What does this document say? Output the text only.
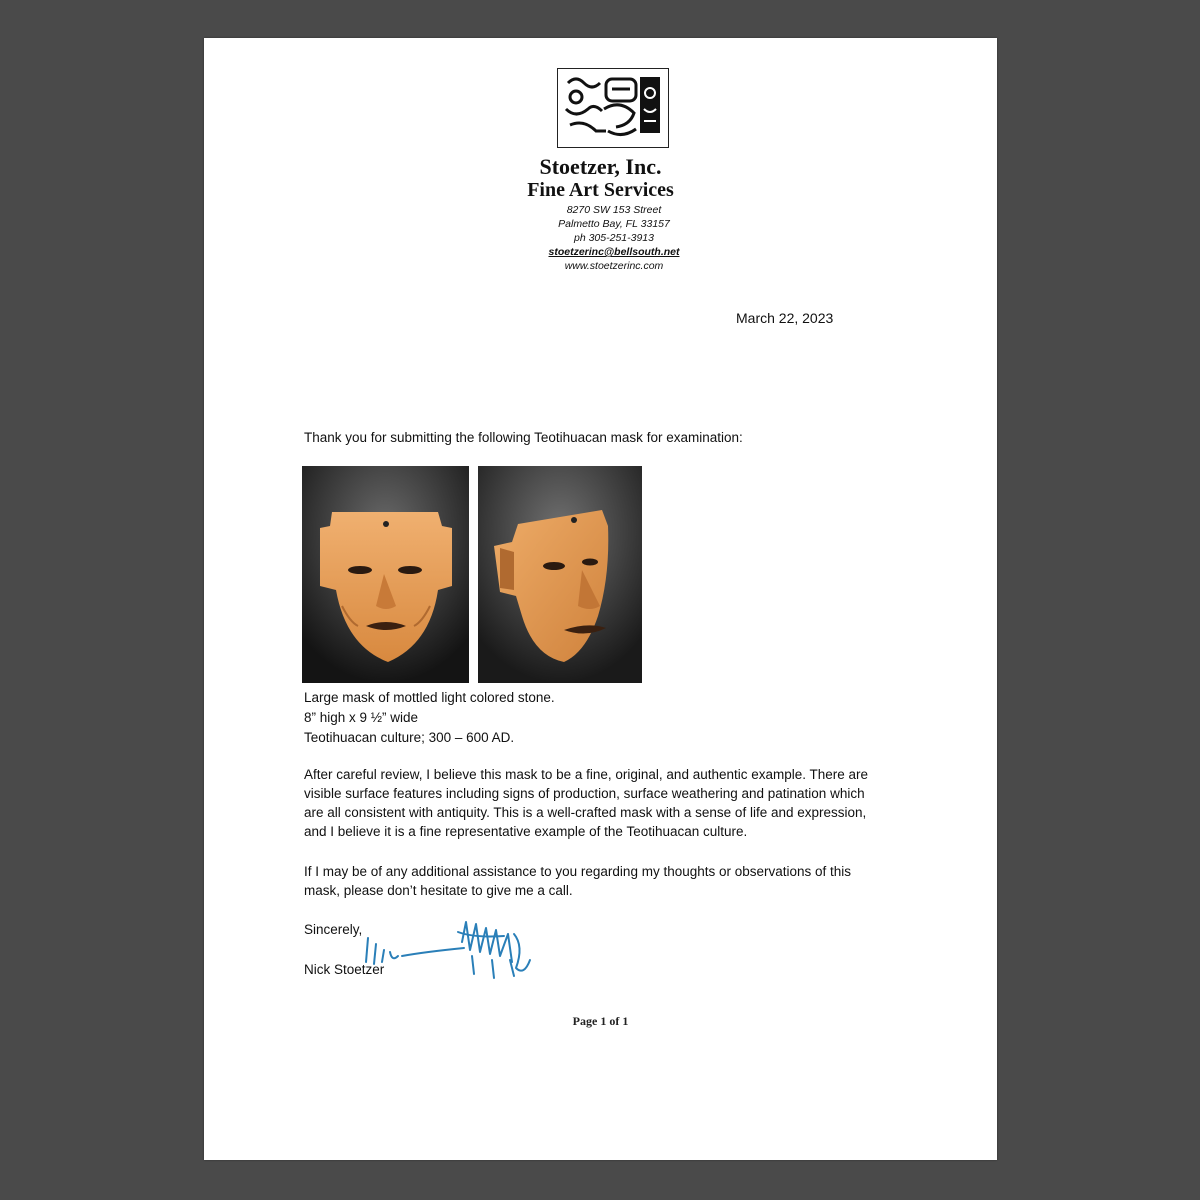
Stoetzer, Inc.
Fine Art Services
8270 SW 153 Street
Palmetto Bay, FL 33157
ph 305-251-3913
stoetzerinc@bellsouth.net
www.stoetzerinc.com
March 22, 2023
Thank you for submitting the following Teotihuacan mask for examination:
Large mask of mottled light colored stone.
8” high x 9 ½” wide
Teotihuacan culture; 300 – 600 AD.
After careful review, I believe this mask to be a fine, original, and authentic example. There are
visible surface features including signs of production, surface weathering and patination which
are all consistent with antiquity. This is a well-crafted mask with a sense of life and expression,
and I believe it is a fine representative example of the Teotihuacan culture.
If I may be of any additional assistance to you regarding my thoughts or observations of this
mask, please don’t hesitate to give me a call.
Sincerely,
Nick Stoetzer
Page 1 of 1
